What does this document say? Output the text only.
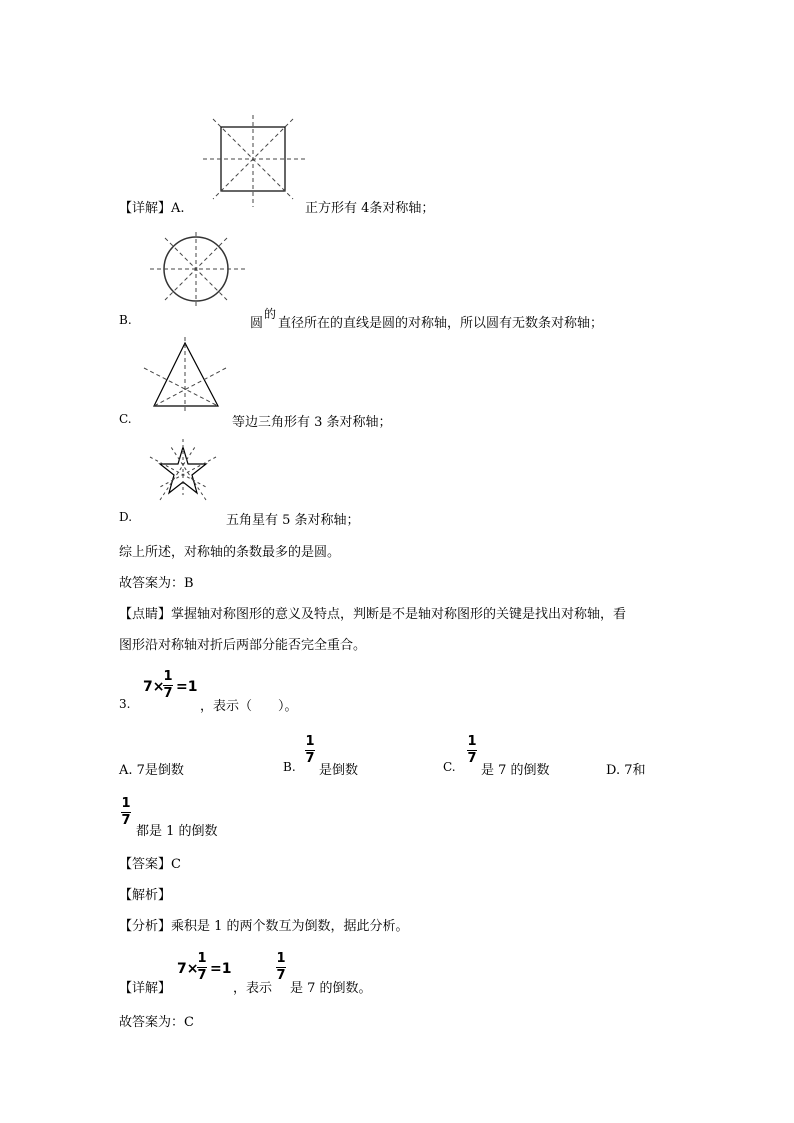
【详解】A.	正方形有 4条对称轴；
B.	圆
的
直径所在的直线是圆的对称轴，所以圆有无数条对称轴；
C.	等边三角形有 3 条对称轴；
D.	五角星有 5 条对称轴；
综上所述，对称轴的条数最多的是圆。
故答案为：B
【点睛】掌握轴对称图形的意义及特点，判断是不是轴对称图形的关键是找出对称轴，看
图形沿对称轴对折后两部分能否完全重合。
3.
7×
1
7 =1
，表示（　　）。
A. 7是倒数	B.
1
7
是倒数	C.
1
7
是 7 的倒数	D. 7和
1
7
都是 1 的倒数
【答案】C
【解析】
【分析】乘积是 1 的两个数互为倒数，据此分析。
【详解】
7×
1
7 =1
，表示
1
7
是 7 的倒数。
故答案为：C
